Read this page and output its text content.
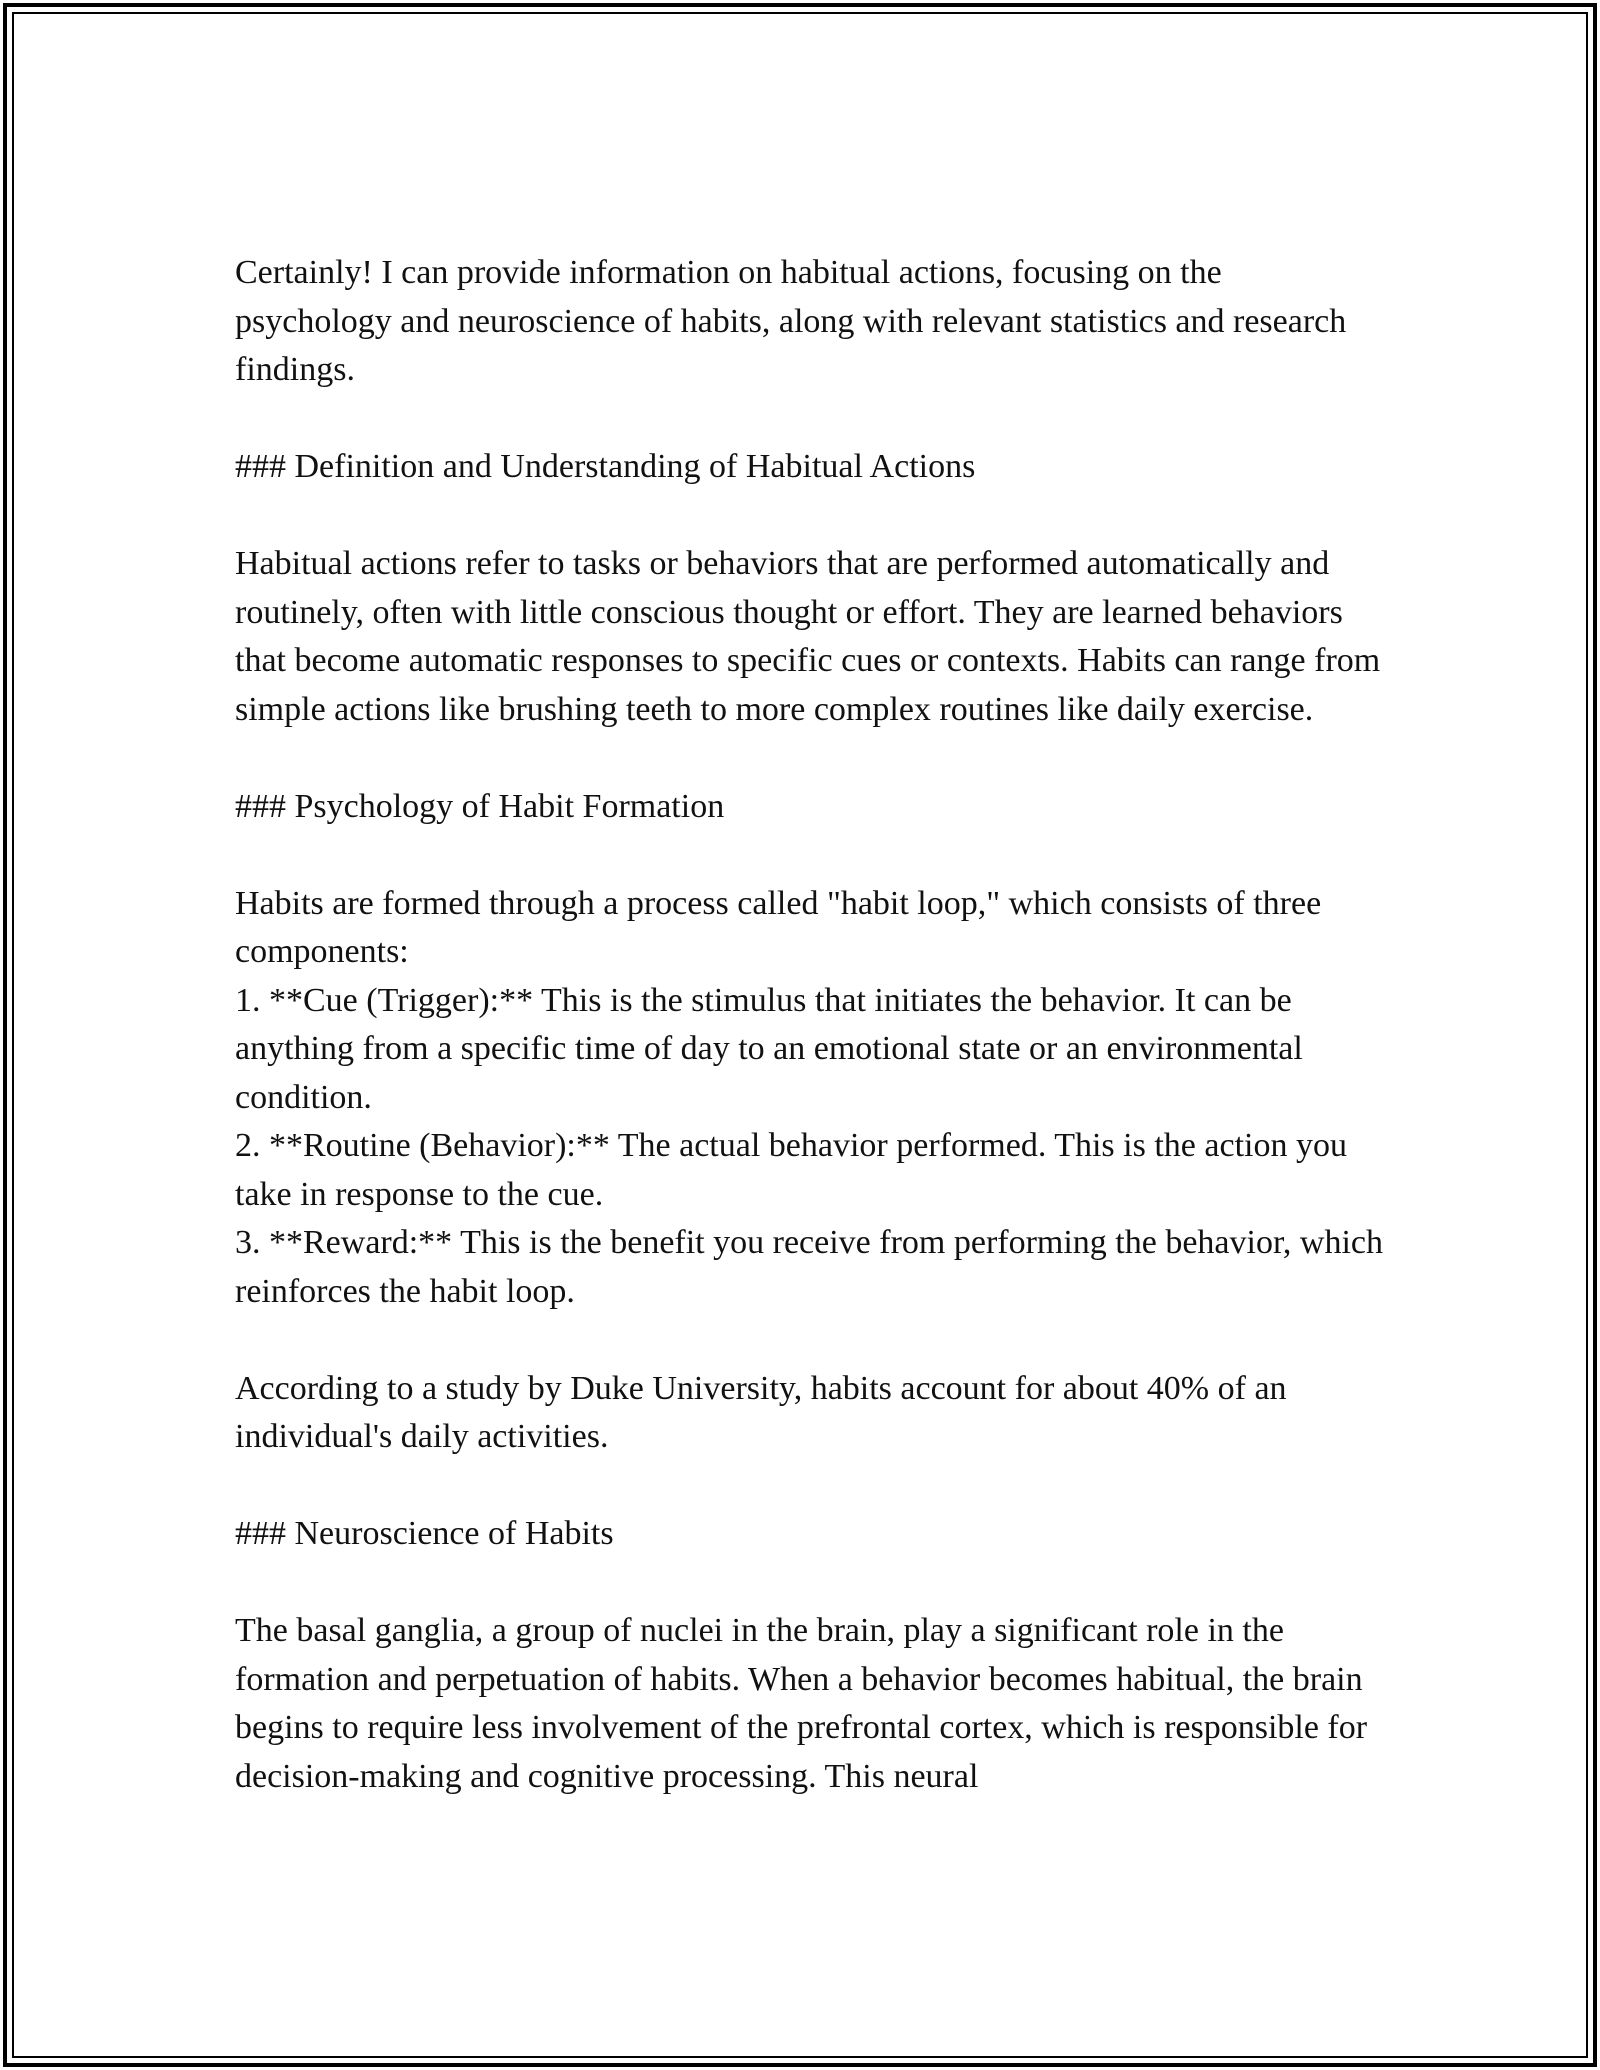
Certainly! I can provide information on habitual actions, focusing on the psychology and neuroscience of habits, along with relevant statistics and research findings.

### Definition and Understanding of Habitual Actions

Habitual actions refer to tasks or behaviors that are performed automatically and routinely, often with little conscious thought or effort. They are learned behaviors that become automatic responses to specific cues or contexts. Habits can range from simple actions like brushing teeth to more complex routines like daily exercise.

### Psychology of Habit Formation

Habits are formed through a process called "habit loop," which consists of three components:

1. **Cue (Trigger):** This is the stimulus that initiates the behavior. It can be anything from a specific time of day to an emotional state or an environmental condition.

2. **Routine (Behavior):** The actual behavior performed. This is the action you take in response to the cue.

3. **Reward:** This is the benefit you receive from performing the behavior, which reinforces the habit loop.

According to a study by Duke University, habits account for about 40% of an individual's daily activities.

### Neuroscience of Habits

The basal ganglia, a group of nuclei in the brain, play a significant role in the formation and perpetuation of habits. When a behavior becomes habitual, the brain begins to require less involvement of the prefrontal cortex, which is responsible for decision-making and cognitive processing. This neural
